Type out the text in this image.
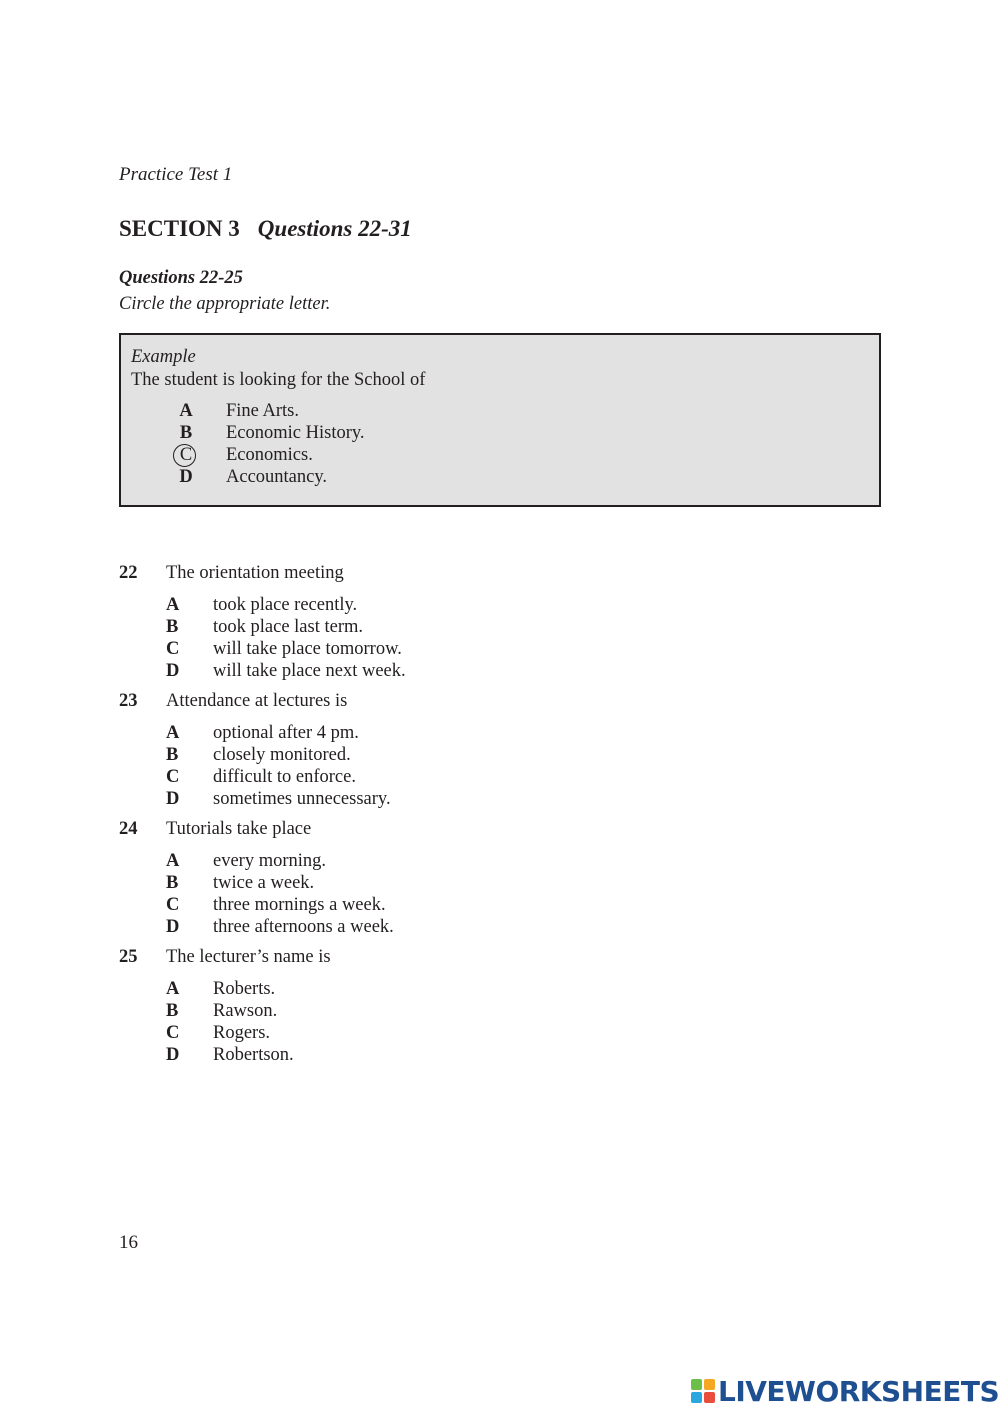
Practice Test 1
SECTION 3 Questions 22-31
Questions 22-25
Circle the appropriate letter.
Example
The student is looking for the School of
A Fine Arts.
B Economic History.
C Economics.
D Accountancy.
22 The orientation meeting
A took place recently.
B took place last term.
C will take place tomorrow.
D will take place next week.
23 Attendance at lectures is
A optional after 4 pm.
B closely monitored.
C difficult to enforce.
D sometimes unnecessary.
24 Tutorials take place
A every morning.
B twice a week.
C three mornings a week.
D three afternoons a week.
25 The lecturer’s name is
A Roberts.
B Rawson.
C Rogers.
D Robertson.
16
LIVEWORKSHEETS
